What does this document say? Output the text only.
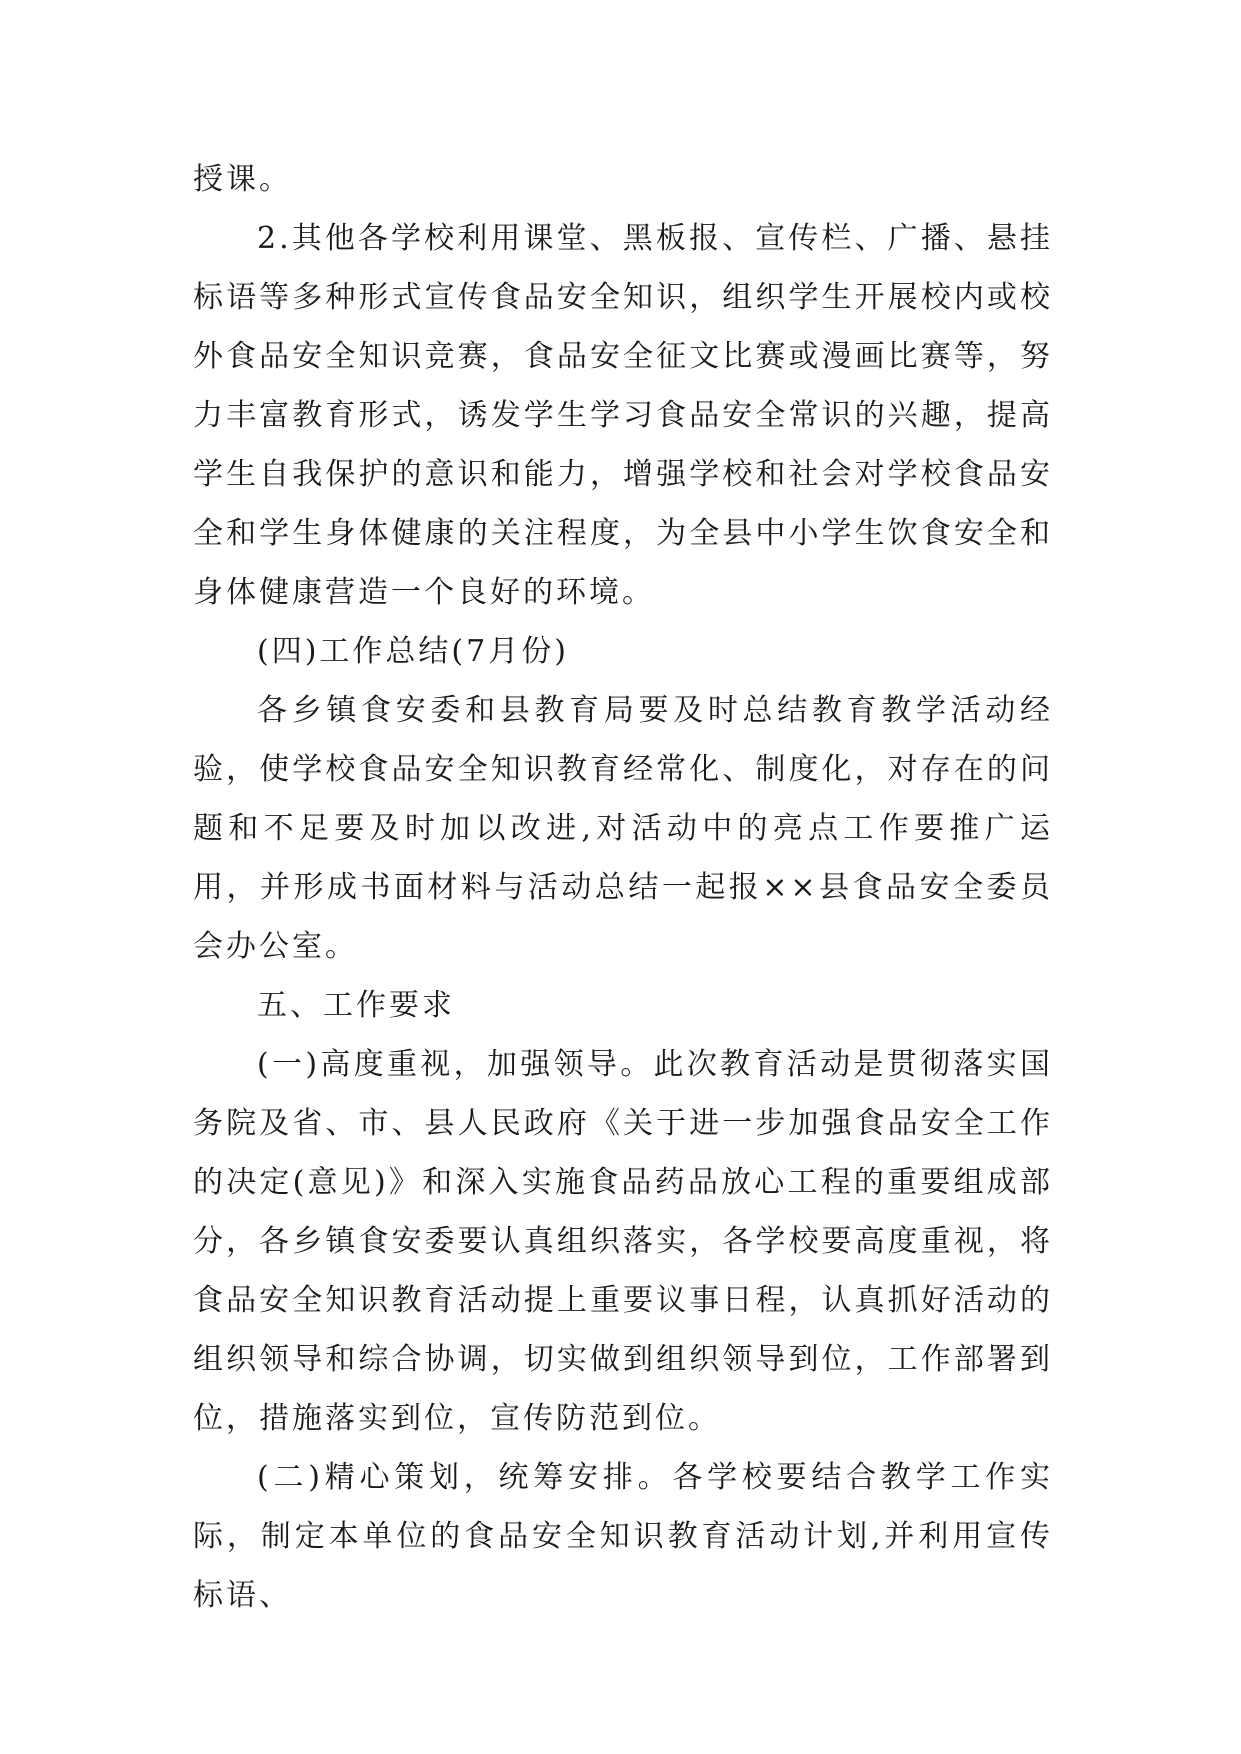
授课。

2.其他各学校利用课堂、黑板报、宣传栏、广播、悬挂标语等多种形式宣传食品安全知识，组织学生开展校内或校外食品安全知识竞赛，食品安全征文比赛或漫画比赛等，努力丰富教育形式，诱发学生学习食品安全常识的兴趣，提高学生自我保护的意识和能力，增强学校和社会对学校食品安全和学生身体健康的关注程度，为全县中小学生饮食安全和身体健康营造一个良好的环境。

(四)工作总结(7月份)

各乡镇食安委和县教育局要及时总结教育教学活动经验，使学校食品安全知识教育经常化、制度化，对存在的问题和不足要及时加以改进,对活动中的亮点工作要推广运用，并形成书面材料与活动总结一起报××县食品安全委员会办公室。

五、工作要求

(一)高度重视，加强领导。此次教育活动是贯彻落实国务院及省、市、县人民政府《关于进一步加强食品安全工作的决定(意见)》和深入实施食品药品放心工程的重要组成部分，各乡镇食安委要认真组织落实，各学校要高度重视，将食品安全知识教育活动提上重要议事日程，认真抓好活动的组织领导和综合协调，切实做到组织领导到位，工作部署到位，措施落实到位，宣传防范到位。

(二)精心策划，统筹安排。各学校要结合教学工作实际，制定本单位的食品安全知识教育活动计划,并利用宣传标语、
